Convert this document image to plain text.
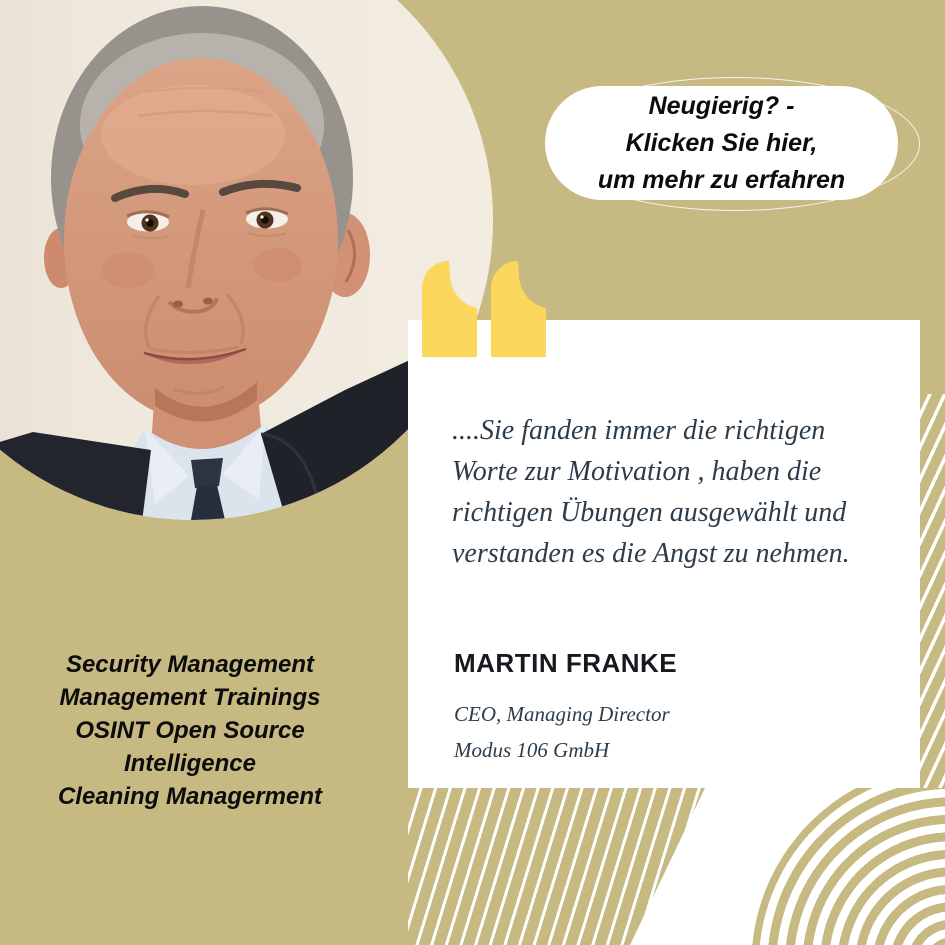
Neugierig? -
Klicken Sie hier,
um mehr zu erfahren
....Sie fanden immer die richtigen
Worte zur Motivation , haben die
richtigen Übungen ausgewählt und
verstanden es die Angst zu nehmen.
MARTIN FRANKE
CEO, Managing Director
Modus 106 GmbH
Security Management
Management Trainings
OSINT Open Source
Intelligence
Cleaning Managerment
